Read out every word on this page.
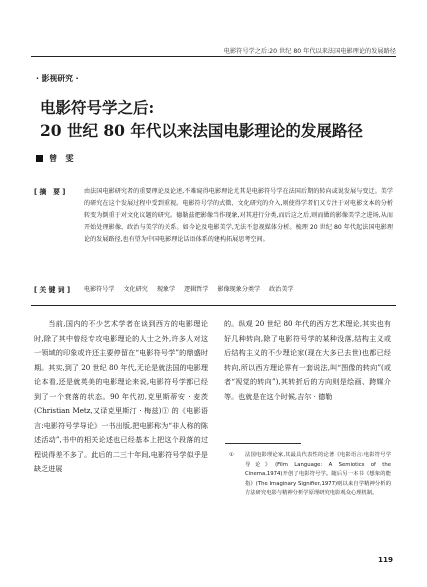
电影符号学之后:20 世纪 80 年代以来法国电影理论的发展路径
· 影视研究 ·
电影符号学之后:
20 世纪 80 年代以来法国电影理论的发展路径
曾　雯
[ 摘　要 ]	由法国电影研究者的重要理论及论述,不难窥得电影理论尤其是电影符号学在法国后期的转向或说发展与变迁。美学的研究在这个发展过程中受到重视。电影符号学的式微、文化研究的介入,则使得学者们又专注于对电影文本的分析转变为倒重于对文化议题的研究。德勒兹把影像当作现象,对其进行分类,而后这之后,则而做的影像美学之进场,从而开始处理影像、政治与美学的关系。如今论及电影美学,无法不忽视媒体分析。梳理 20 世纪 80 年代起法国电影理论的发展路径,也有望为中国电影理论话语体系的建构拓展思考空间。
[ 关 键 词 ]	电影符号学 文化研究 现象学 逻辑哲学 影像现象分类学 政治美学

当前,国内的不少艺术学者在谈到西方的电影理论时,除了其中曾经专攻电影理论的人士之外,许多人对这一领域的印象或许还主要停留在“电影符号学”的鼎盛时期。其实,到了 20 世纪 80 年代,无论是就法国的电影理论本看,还是就英美的电影理论来说,电影符号学都已经到了一个衰落的状态。90 年代初,克里斯蒂安 · 麦茨(Christian Metz,又译克里斯汀 · 梅兹)① 的《电影语言:电影符号学导论》一书出版,把电影称为“非人称的陈述活动”,书中的相关论述也已经基本上把这个段落的过程说得差不多了。此后的二三十年间,电影符号学似乎是缺乏进展

的。纵观 20 世纪 80 年代的西方艺术理论,其实也有好几种转向,除了电影符号学的某种没落,结构主义或后结构主义的不少理论家(现在大多已去世)也都已经转向,所以西方理论界有一套说法,叫“图像的转向”(或者“视觉的转向”),其转折后的方向则是绘画、跨媒介等。也就是在这个时候,吉尔 · 德勒

①	法国电影理论家,其最具代表性的论著《电影语言:电影符号学导论》(Film Language: A Semiotics of the Cinema,1974)开创了电影符号学。随后另一本书《想象的能指》(The Imaginary Signifier,1977)则以来自学精神分析的方法研究电影与精神分析学原理研究电影观众心理机制。
119
